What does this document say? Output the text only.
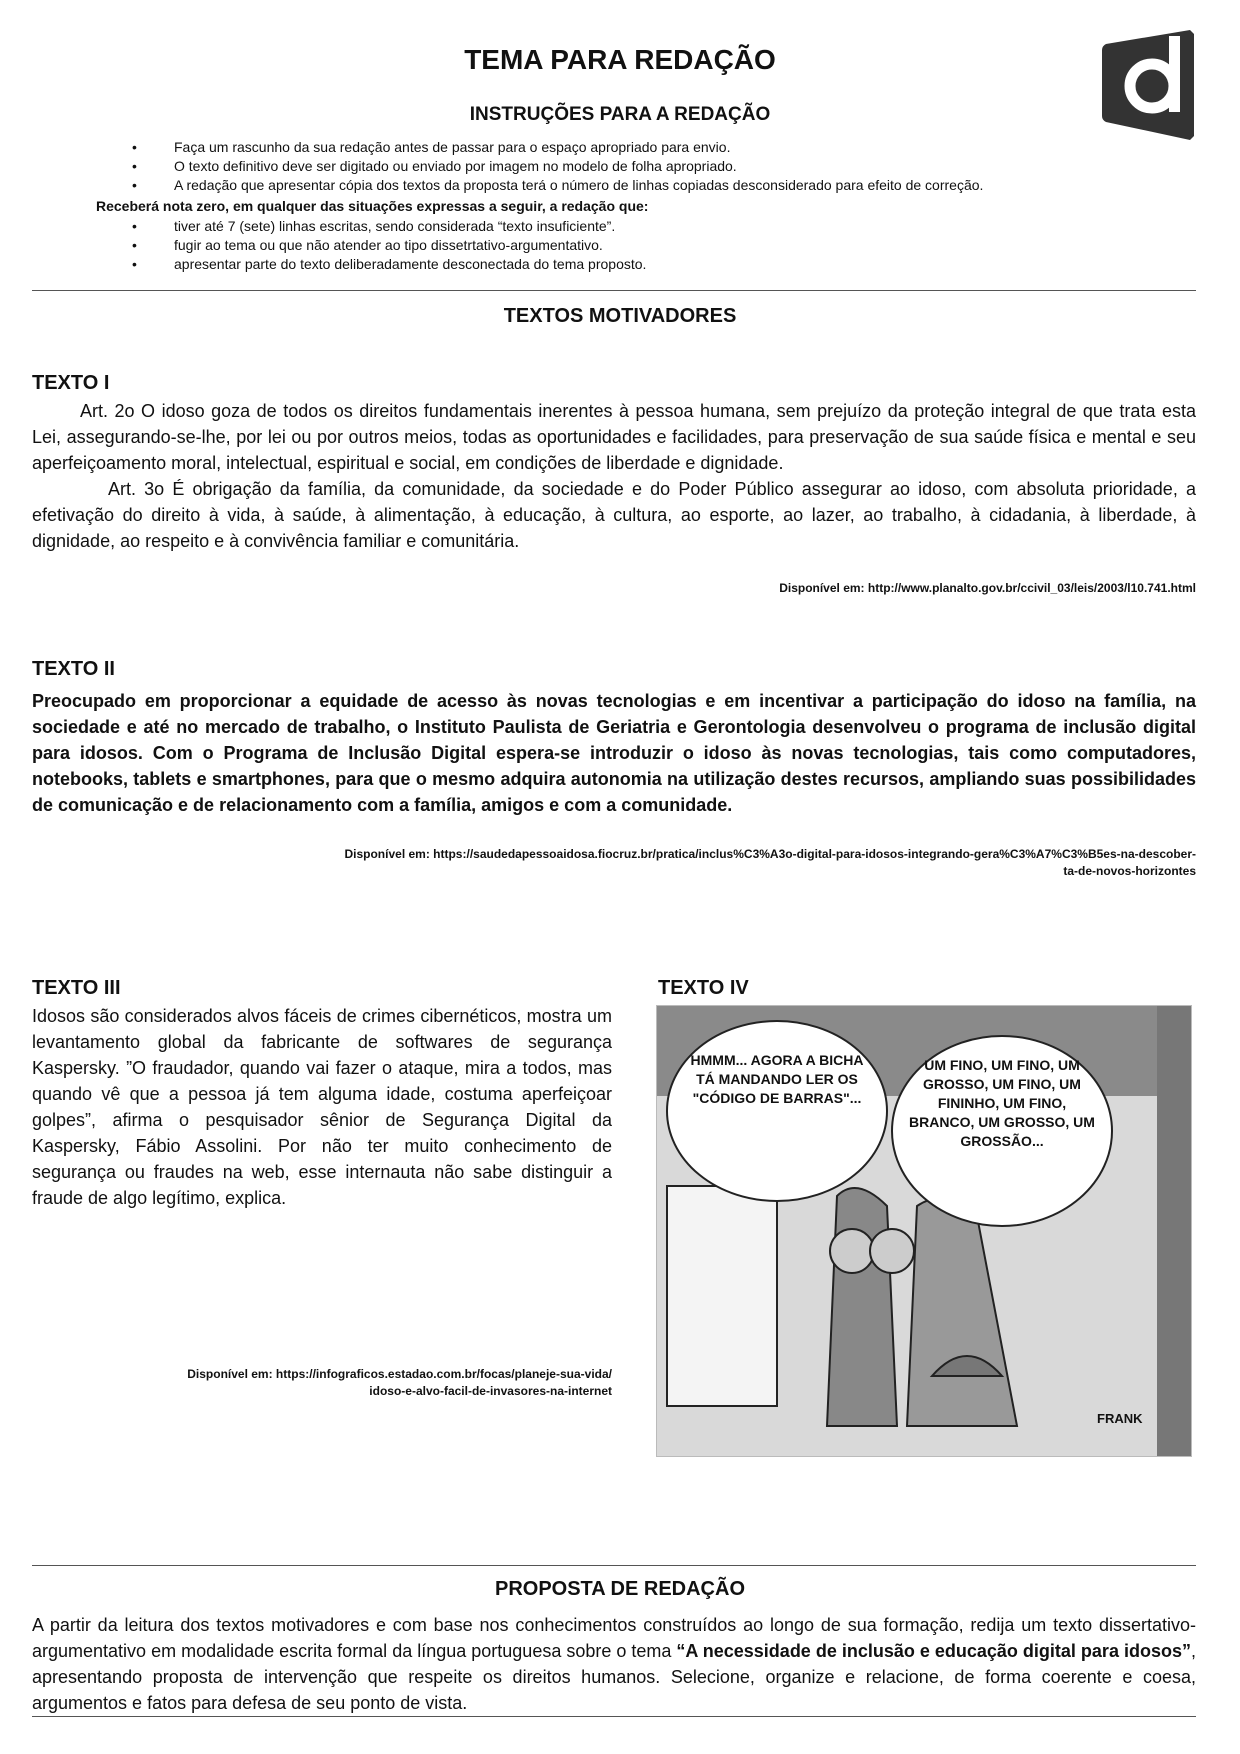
TEMA PARA REDAÇÃO
INSTRUÇÕES PARA A REDAÇÃO
• Faça um rascunho da sua redação antes de passar para o espaço apropriado para envio.
• O texto definitivo deve ser digitado ou enviado por imagem no modelo de folha apropriado.
• A redação que apresentar cópia dos textos da proposta terá o número de linhas copiadas desconsiderado para efeito de correção.
Receberá nota zero, em qualquer das situações expressas a seguir, a redação que:
• tiver até 7 (sete) linhas escritas, sendo considerada “texto insuficiente”.
• fugir ao tema ou que não atender ao tipo dissetrtativo-argumentativo.
• apresentar parte do texto deliberadamente desconectada do tema proposto.
TEXTOS MOTIVADORES
TEXTO I

Art. 2o O idoso goza de todos os direitos fundamentais inerentes à pessoa humana, sem prejuízo da proteção integral de que trata esta Lei, assegurando-se-lhe, por lei ou por outros meios, todas as oportunidades e facilidades, para preservação de sua saúde física e mental e seu aperfeiçoamento moral, intelectual, espiritual e social, em condições de liberdade e dignidade.

Art. 3o É obrigação da família, da comunidade, da sociedade e do Poder Público assegurar ao idoso, com absoluta prioridade, a efetivação do direito à vida, à saúde, à alimentação, à educação, à cultura, ao esporte, ao lazer, ao trabalho, à cidadania, à liberdade, à dignidade, ao respeito e à convivência familiar e comunitária.

Disponível em: http://www.planalto.gov.br/ccivil_03/leis/2003/l10.741.html
TEXTO II
Preocupado em proporcionar a equidade de acesso às novas tecnologias e em incentivar a participação do idoso na família, na sociedade e até no mercado de trabalho, o Instituto Paulista de Geriatria e Gerontologia desenvolveu o programa de inclusão digital para idosos. Com o Programa de Inclusão Digital espera-se introduzir o idoso às novas tecnologias, tais como computadores, notebooks, tablets e smartphones, para que o mesmo adquira autonomia na utilização destes recursos, ampliando suas possibilidades de comunicação e de relacionamento com a família, amigos e com a comunidade.
Disponível em: https://saudedapessoaidosa.fiocruz.br/pratica/inclus%C3%A3o-digital-para-idosos-integrando-gera%C3%A7%C3%B5es-na-descober-
ta-de-novos-horizontes
TEXTO III
Idosos são considerados alvos fáceis de crimes cibernéticos, mostra um levantamento global da fabricante de softwares de segurança Kaspersky. ”O fraudador, quando vai fazer o ataque, mira a todos, mas quando vê que a pessoa já tem alguma idade, costuma aperfeiçoar golpes”, afirma o pesquisador sênior de Segurança Digital da Kaspersky, Fábio Assolini. Por não ter muito conhecimento de segurança ou fraudes na web, esse internauta não sabe distinguir a fraude de algo legítimo, explica.
Disponível em: https://infograficos.estadao.com.br/focas/planeje-sua-vida/
idoso-e-alvo-facil-de-invasores-na-internet
TEXTO IV
HMMM... AGORA A BICHA TÁ MANDANDO LER OS "CÓDIGO DE BARRAS"...
UM FINO, UM FINO, UM GROSSO, UM FINO, UM FININHO, UM FINO, BRANCO, UM GROSSO, UM GROSSÃO...
FRANK
PROPOSTA DE REDAÇÃO
A partir da leitura dos textos motivadores e com base nos conhecimentos construídos ao longo de sua formação, redija um texto dissertativo-argumentativo em modalidade escrita formal da língua portuguesa sobre o tema “A necessidade de inclusão e educação digital para idosos”, apresentando proposta de intervenção que respeite os direitos humanos. Selecione, organize e relacione, de forma coerente e coesa, argumentos e fatos para defesa de seu ponto de vista.
